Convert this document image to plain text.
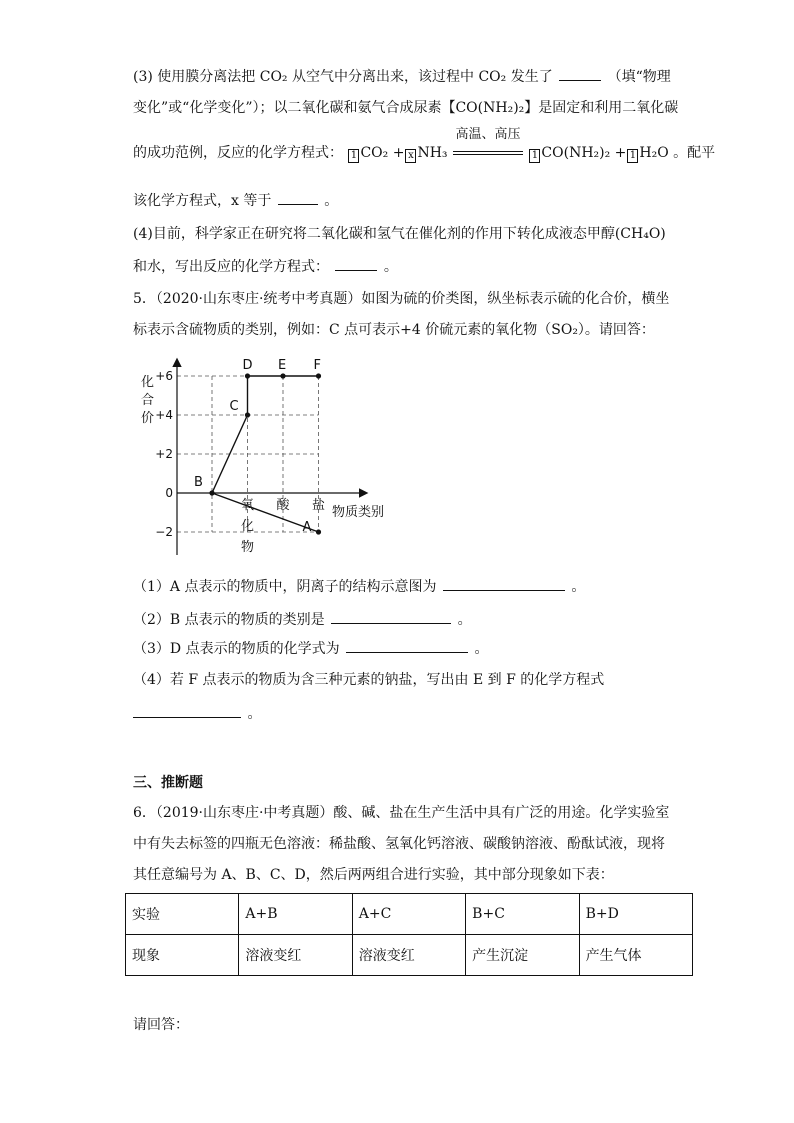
(3) 使用膜分离法把 CO₂ 从空气中分离出来，该过程中 CO₂ 发生了	（填“物理
变化”或“化学变化”）；以二氧化碳和氨气合成尿素【CO(NH₂)₂】是固定和利用二氧化碳
的成功范例，反应的化学方程式： 1 CO₂ + x NH₃
高温、高压
1 CO(NH₂)₂ + 1 H₂O 。配平
该化学方程式，x 等于	。
(4)目前，科学家正在研究将二氧化碳和氢气在催化剂的作用下转化成液态甲醇(CH₄O)
和水，写出反应的化学方程式：	。
5．（2020·山东枣庄·统考中考真题）如图为硫的价类图，纵坐标表示硫的化合价，横坐
标表示含硫物质的类别，例如：C 点可表示+4 价硫元素的氧化物（SO₂）。请回答：
+6
+4
+2
0
−2
化
合
价
氧
化
物
酸 盐 物质类别
B
C
D E F
A
（1）A 点表示的物质中，阴离子的结构示意图为	。
（2）B 点表示的物质的类别是	。
（3）D 点表示的物质的化学式为	。
（4）若 F 点表示的物质为含三种元素的钠盐，写出由 E 到 F 的化学方程式
。
三、推断题
6．（2019·山东枣庄·中考真题）酸、碱、盐在生产生活中具有广泛的用途。化学实验室
中有失去标签的四瓶无色溶液：稀盐酸、氢氧化钙溶液、碳酸钠溶液、酚酞试液，现将
其任意编号为 A、B、C、D，然后两两组合进行实验，其中部分现象如下表：
实验	A+B	A+C	B+C	B+D
现象	溶液变红	溶液变红	产生沉淀	产生气体
请回答：
